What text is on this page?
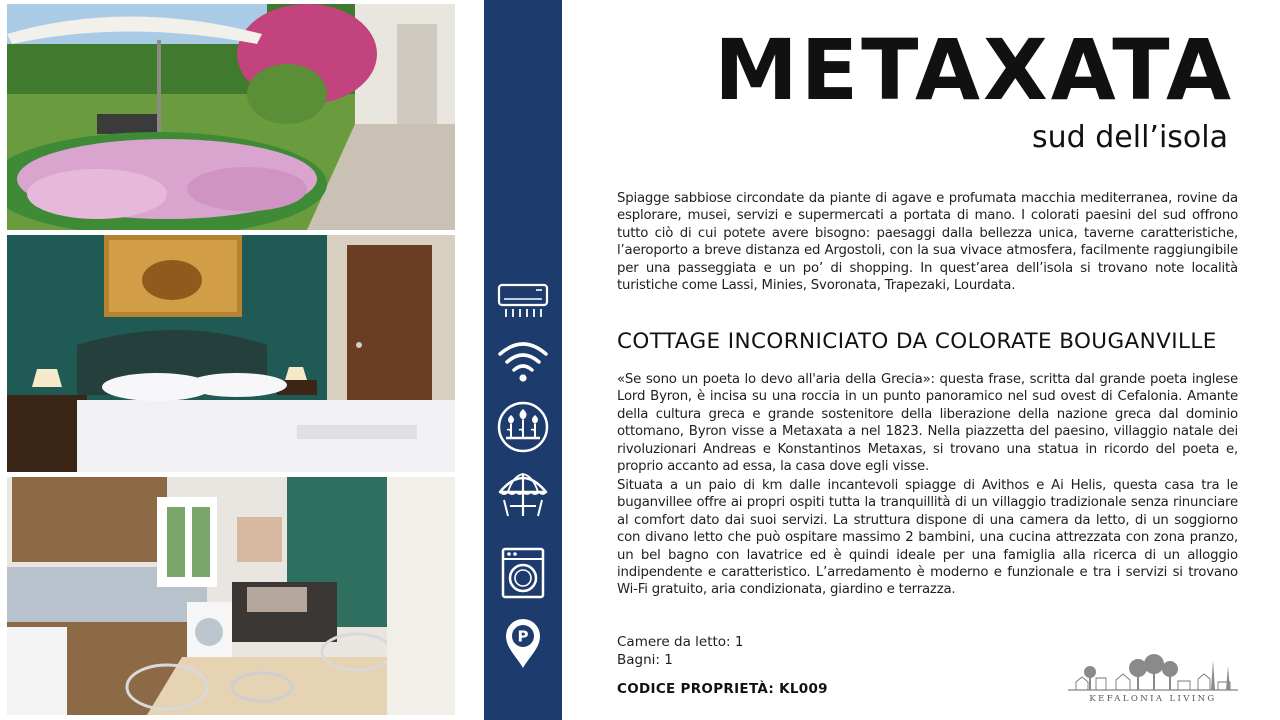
P
METAXATA
sud dell’isola

Spiagge sabbiose circondate da piante di agave e profumata macchia mediterranea, rovine da esplorare, musei, servizi e supermercati a portata di mano. I colorati paesini del sud offrono tutto ciò di cui potete avere bisogno: paesaggi dalla bellezza unica, taverne caratteristiche, l’aeroporto a breve distanza ed Argostoli, con la sua vivace atmosfera, facilmente raggiungibile per una passeggiata e un po’ di shopping. In quest’area dell’isola si trovano note località turistiche come Lassi, Minies, Svoronata, Trapezaki, Lourdata.

COTTAGE INCORNICIATO DA COLORATE BOUGANVILLE

«Se sono un poeta lo devo all'aria della Grecia»: questa frase, scritta dal grande poeta inglese Lord Byron, è incisa su una roccia in un punto panoramico nel sud ovest di Cefalonia. Amante della cultura greca e grande sostenitore della liberazione della nazione greca dal dominio ottomano, Byron visse a Metaxata a nel 1823. Nella piazzetta del paesino, villaggio natale dei rivoluzionari Andreas e Konstantinos Metaxas, si trovano una statua in ricordo del poeta e, proprio accanto ad essa, la casa dove egli visse.

Situata a un paio di km dalle incantevoli spiagge di Avithos e Ai Helis, questa casa tra le buganvillee offre ai propri ospiti tutta la tranquillità di un villaggio tradizionale senza rinunciare al comfort dato dai suoi servizi. La struttura dispone di una camera da letto, di un soggiorno con divano letto che può ospitare massimo 2 bambini, una cucina attrezzata con zona pranzo, un bel bagno con lavatrice ed è quindi ideale per una famiglia alla ricerca di un alloggio indipendente e caratteristico. L’arredamento è moderno e funzionale e tra i servizi si trovano Wi-Fi gratuito, aria condizionata, giardino e terrazza.

Camere da letto: 1
Bagni: 1
CODICE PROPRIETÀ: KL009
KEFALONIA LIVING
